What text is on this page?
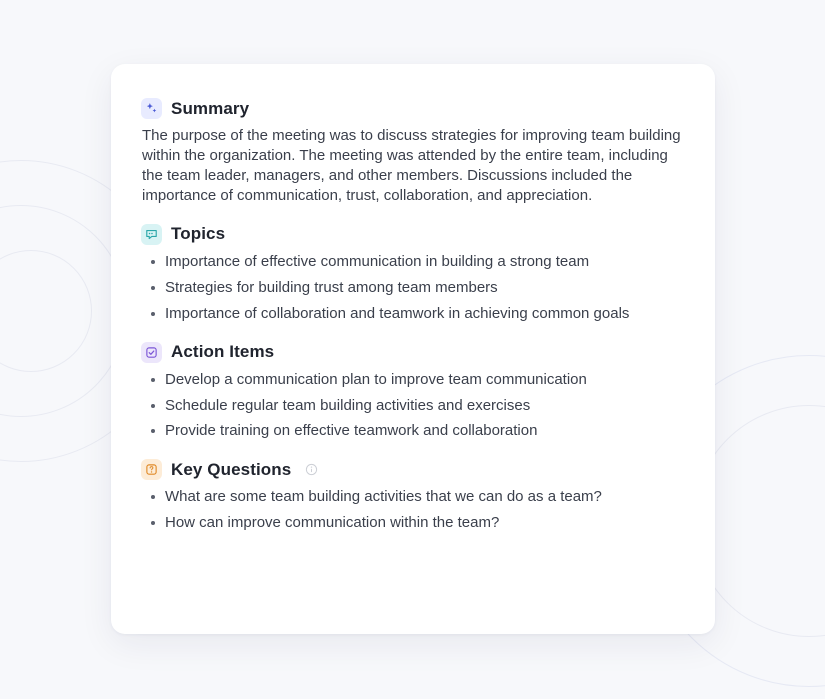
Summary

The purpose of the meeting was to discuss strategies for improving team building within the organization. The meeting was attended by the entire team, including the team leader, managers, and other members. Discussions included the importance of communication, trust, collaboration, and appreciation.

Topics
Importance of effective communication in building a strong team
Strategies for building trust among team members
Importance of collaboration and teamwork in achieving common goals
Action Items
Develop a communication plan to improve team communication
Schedule regular team building activities and exercises
Provide training on effective teamwork and collaboration
Key Questions
What are some team building activities that we can do as a team?
How can improve communication within the team?
